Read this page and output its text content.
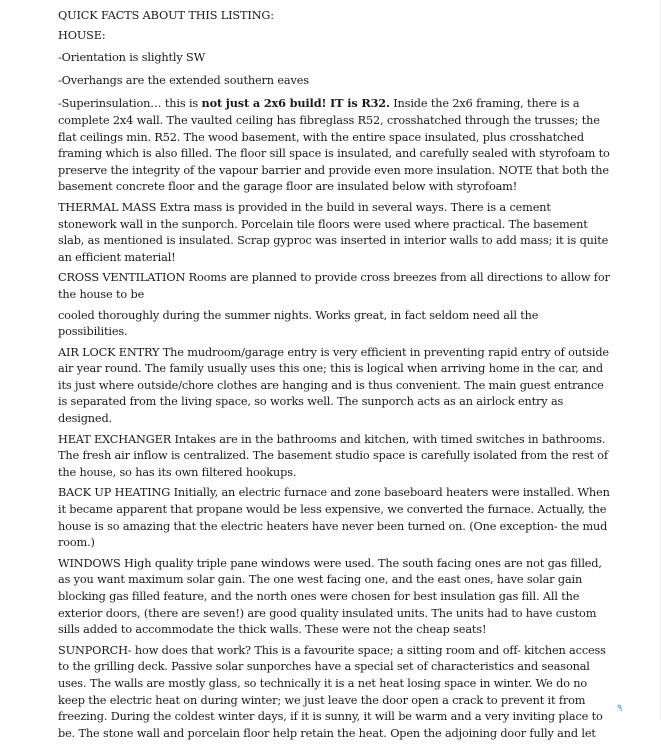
QUICK FACTS ABOUT THIS LISTING:

HOUSE:

-Orientation is slightly SW

-Overhangs are the extended southern eaves

-Superinsulation… this is not just a 2x6 build! IT is R32. Inside the 2x6 framing, there is a complete 2x4 wall. The vaulted ceiling has fibreglass R52, crosshatched through the trusses; the flat ceilings min. R52. The wood basement, with the entire space insulated, plus crosshatched framing which is also filled. The floor sill space is insulated, and carefully sealed with styrofoam to preserve the integrity of the vapour barrier and provide even more insulation. NOTE that both the basement concrete floor and the garage floor are insulated below with styrofoam!

THERMAL MASS Extra mass is provided in the build in several ways. There is a cement stonework wall in the sunporch. Porcelain tile floors were used where practical. The basement slab, as mentioned is insulated. Scrap gyproc was inserted in interior walls to add mass; it is quite an efficient material!

CROSS VENTILATION Rooms are planned to provide cross breezes from all directions to allow for the house to be

cooled thoroughly during the summer nights. Works great, in fact seldom need all the possibilities.

AIR LOCK ENTRY The mudroom/garage entry is very efficient in preventing rapid entry of outside air year round. The family usually uses this one; this is logical when arriving home in the car, and its just where outside/chore clothes are hanging and is thus convenient. The main guest entrance is separated from the living space, so works well. The sunporch acts as an airlock entry as designed.

HEAT EXCHANGER Intakes are in the bathrooms and kitchen, with timed switches in bathrooms. The fresh air inflow is centralized. The basement studio space is carefully isolated from the rest of the house, so has its own filtered hookups.

BACK UP HEATING Initially, an electric furnace and zone baseboard heaters were installed. When it became apparent that propane would be less expensive, we converted the furnace. Actually, the house is so amazing that the electric heaters have never been turned on. (One exception- the mud room.)

WINDOWS High quality triple pane windows were used. The south facing ones are not gas filled, as you want maximum solar gain. The one west facing one, and the east ones, have solar gain blocking gas filled feature, and the north ones were chosen for best insulation gas fill. All the exterior doors, (there are seven!) are good quality insulated units. The units had to have custom sills added to accommodate the thick walls. These were not the cheap seats!

SUNPORCH- how does that work? This is a favourite space; a sitting room and off- kitchen access to the grilling deck. Passive solar sunporches have a special set of characteristics and seasonal uses. The walls are mostly glass, so technically it is a net heat losing space in winter. We do no keep the electric heat on during winter; we just leave the door open a crack to prevent it from freezing. During the coldest winter days, if it is sunny, it will be warm and a very inviting place to be. The stone wall and porcelain floor help retain the heat. Open the adjoining door fully and let

٩
